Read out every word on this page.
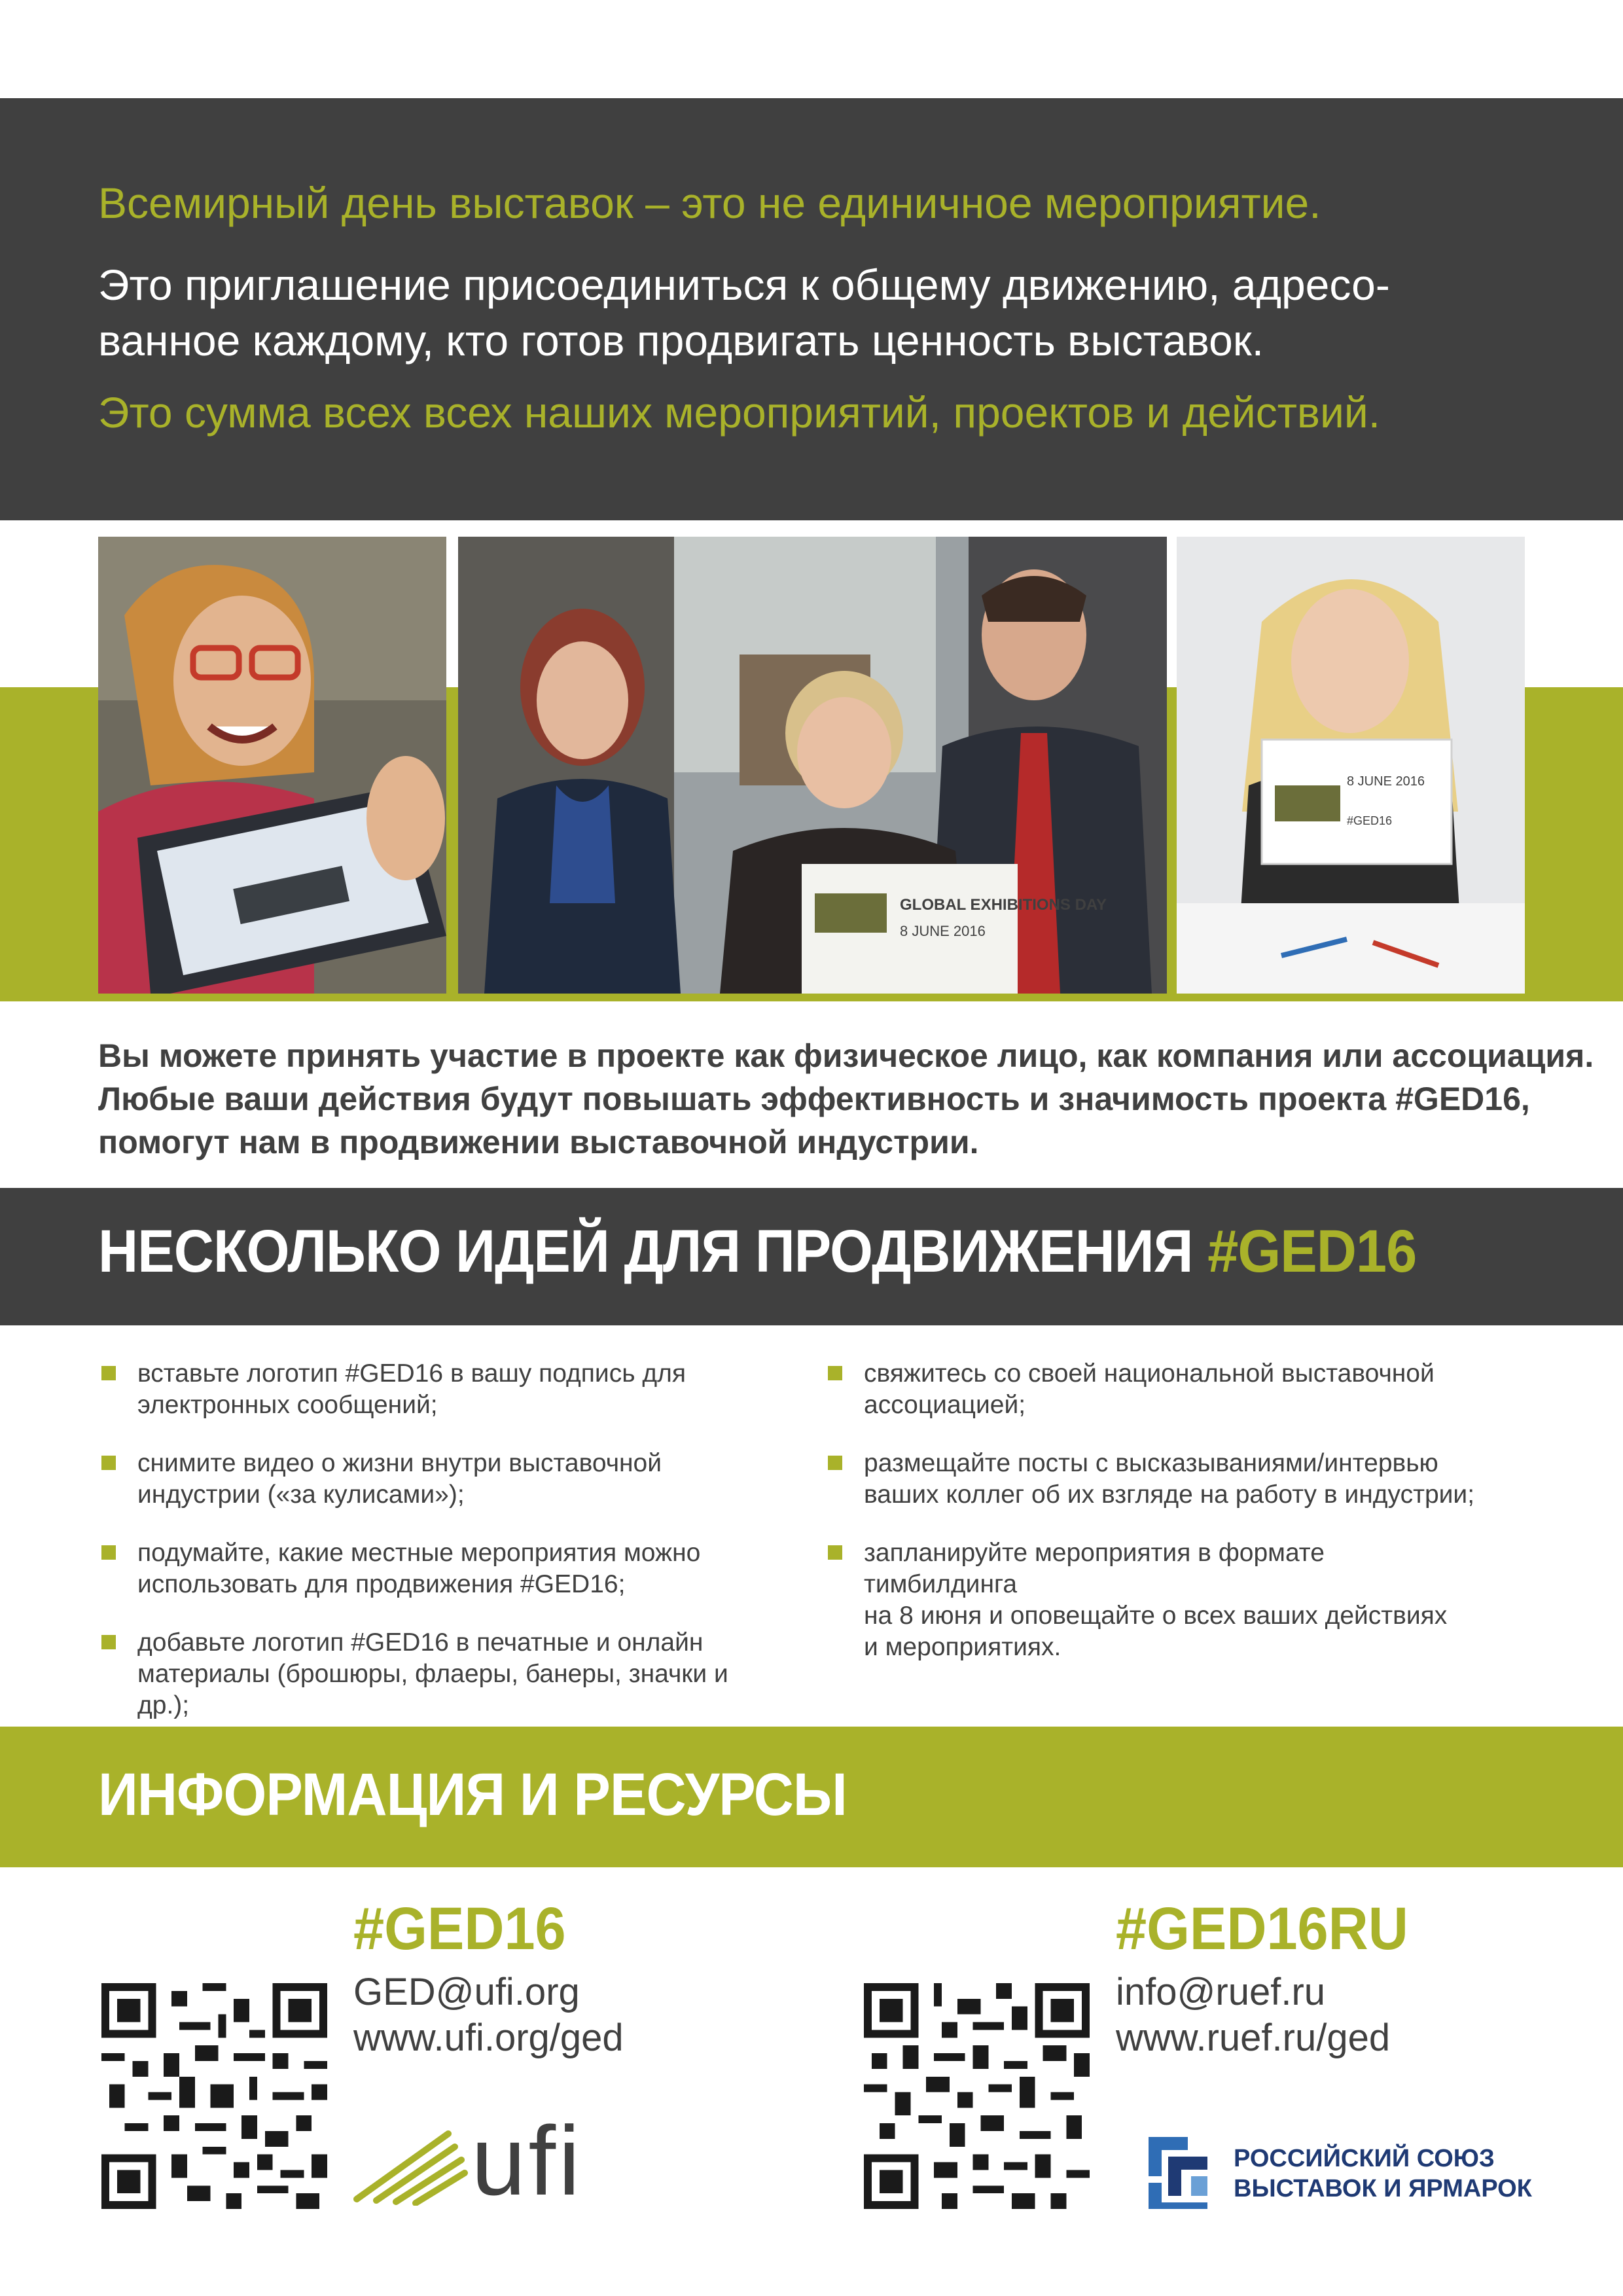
Всемирный день выставок – это не единичное мероприятие.
Это приглашение присоединиться к общему движению, адресо-
ванное каждому, кто готов продвигать ценность выставок.
Это сумма всех всех наших мероприятий, проектов и действий.
GLOBAL EXHIBITIONS DAY
8 JUNE 2016
8 JUNE 2016
#GED16
Вы можете принять участие в проекте как физическое лицо, как компания или ассоциация.
Любые ваши действия будут повышать эффективность и значимость проекта #GED16,
помогут нам в продвижении выставочной индустрии.
НЕСКОЛЬКО ИДЕЙ ДЛЯ ПРОДВИЖЕНИЯ #GED16
вставьте логотип #GED16 в вашу подпись для
электронных сообщений;
снимите видео о жизни внутри выставочной
индустрии («за кулисами»);
подумайте, какие местные мероприятия можно
использовать для продвижения #GED16;
добавьте логотип #GED16 в печатные и онлайн
материалы (брошюры, флаеры, банеры, значки и др.);
свяжитесь со своей национальной выставочной
ассоциацией;
размещайте посты с высказываниями/интервью
ваших коллег об их взгляде на работу в индустрии;
запланируйте мероприятия в формате тимбилдинга
на 8 июня и оповещайте о всех ваших действиях
и мероприятиях.
ИНФОРМАЦИЯ И РЕСУРСЫ
#GED16
GED@ufi.org
www.ufi.org/ged
ufi
#GED16RU
info@ruef.ru
www.ruef.ru/ged
РОССИЙСКИЙ СОЮЗ
ВЫСТАВОК И ЯРМАРОК
